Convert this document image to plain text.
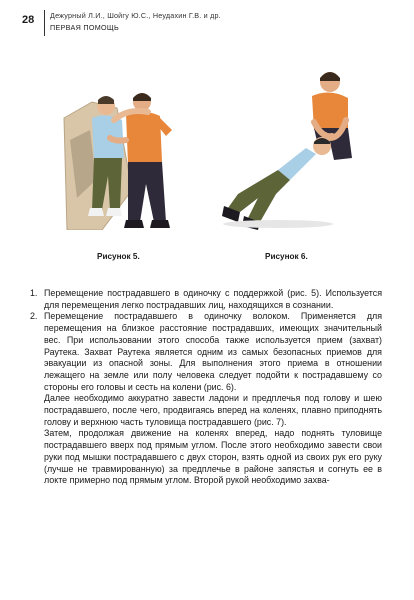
28 Дежурный Л.И., Шойгу Ю.С., Неудахин Г.В. и др.
ПЕРВАЯ ПОМОЩЬ
Рисунок 5.	Рисунок 6.

1. Перемещение пострадавшего в одиночку с поддержкой (рис. 5). Используется для перемещения легко пострадавших лиц, находящихся в сознании.

2. Перемещение пострадавшего в одиночку волоком. Применяется для перемещения на близкое расстояние пострадавших, имеющих значительный вес. При использовании этого способа также используется прием (захват) Раутека. Захват Раутека является одним из самых безопасных приемов для эвакуации из опасной зоны. Для выполнения этого приема в отношении лежащего на земле или полу человека следует подойти к пострадавшему со стороны его головы и сесть на колени (рис. 6).

Далее необходимо аккуратно завести ладони и предплечья под голову и шею пострадавшего, после чего, продвигаясь вперед на коленях, плавно приподнять голову и верхнюю часть туловища пострадавшего (рис. 7).

Затем, продолжая движение на коленях вперед, надо поднять туловище пострадавшего вверх под прямым углом. После этого необходимо завести свои руки под мышки пострадавшего с двух сторон, взять одной из своих рук его руку (лучше не травмированную) за предплечье в районе запястья и согнуть ее в локте примерно под прямым углом. Второй рукой необходимо захва-
